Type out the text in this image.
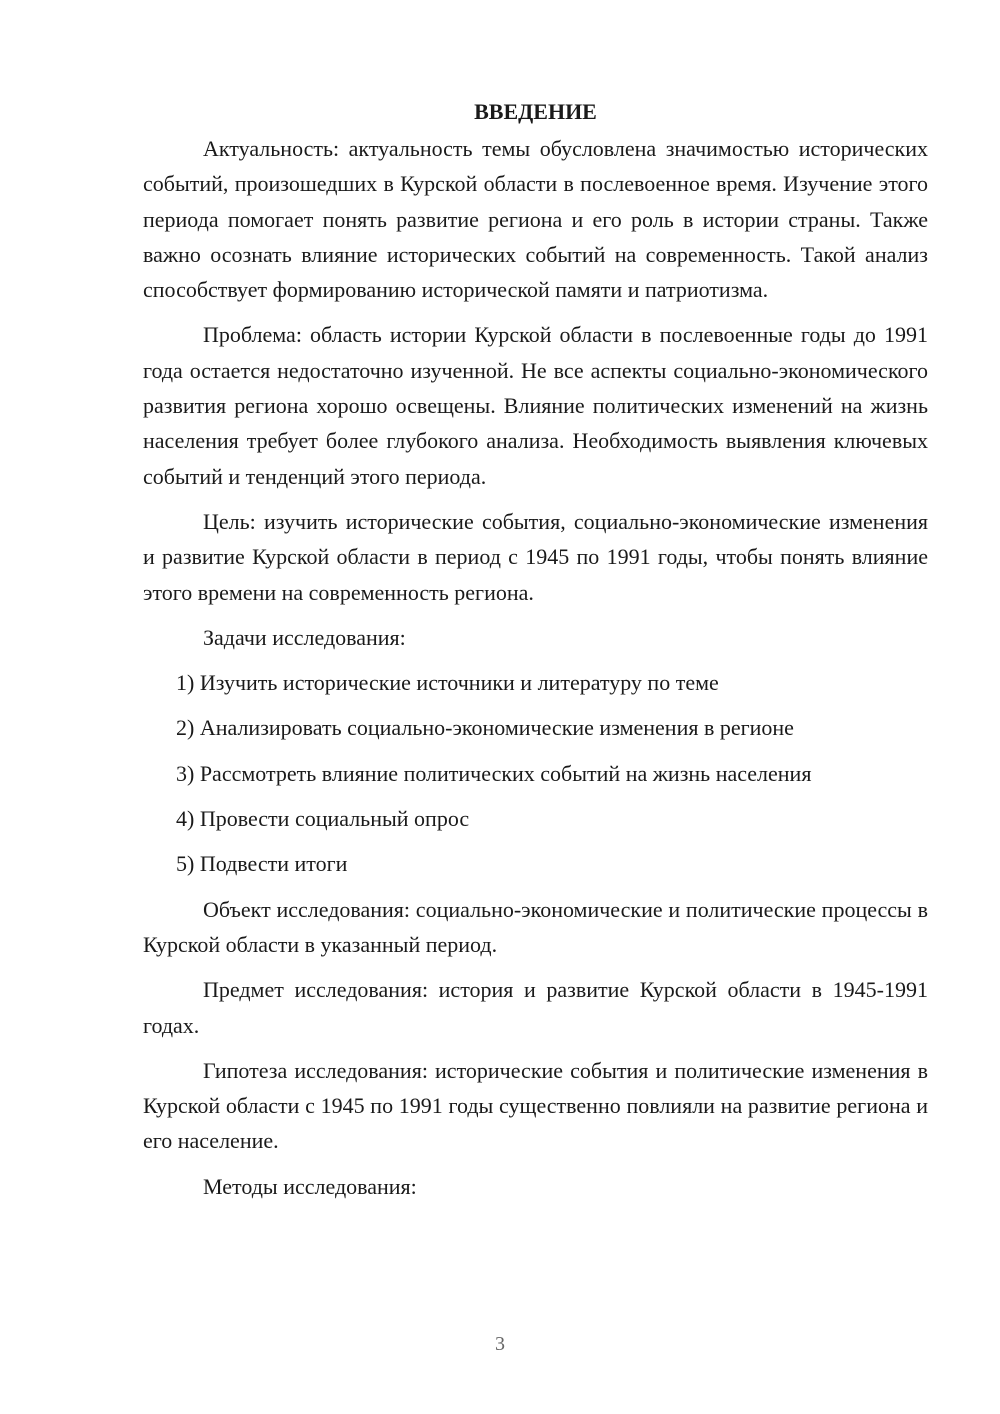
ВВЕДЕНИЕ

Актуальность: актуальность темы обусловлена значимостью исторических событий, произошедших в Курской области в послевоенное время. Изучение этого периода помогает понять развитие региона и его роль в истории страны. Также важно осознать влияние исторических событий на современность. Такой анализ способствует формированию исторической памяти и патриотизма.

Проблема: область истории Курской области в послевоенные годы до 1991 года остается недостаточно изученной. Не все аспекты социально-экономического развития региона хорошо освещены. Влияние политических изменений на жизнь населения требует более глубокого анализа. Необходимость выявления ключевых событий и тенденций этого периода.

Цель: изучить исторические события, социально-экономические изменения и развитие Курской области в период с 1945 по 1991 годы, чтобы понять влияние этого времени на современность региона.

Задачи исследования:

1) Изучить исторические источники и литературу по теме

2) Анализировать социально-экономические изменения в регионе

3) Рассмотреть влияние политических событий на жизнь населения

4) Провести социальный опрос

5) Подвести итоги

Объект исследования: социально-экономические и политические процессы в Курской области в указанный период.

Предмет исследования: история и развитие Курской области в 1945-1991 годах.

Гипотеза исследования: исторические события и политические изменения в Курской области с 1945 по 1991 годы существенно повлияли на развитие региона и его население.

Методы исследования:

3
